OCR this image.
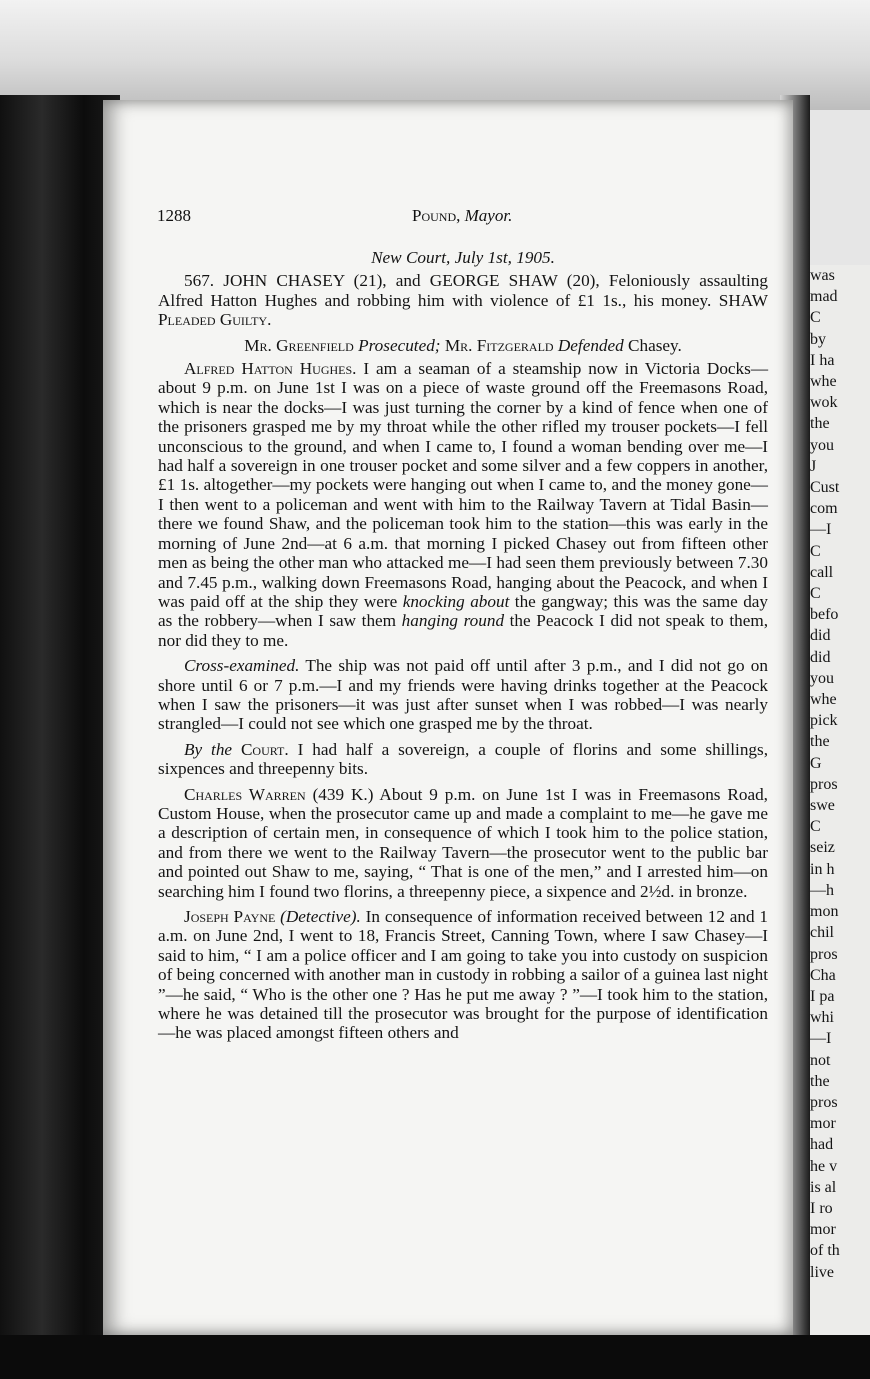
1288	Pound, Mayor.

New Court, July 1st, 1905.

567. JOHN CHASEY (21), and GEORGE SHAW (20), Feloniously assaulting Alfred Hatton Hughes and robbing him with violence of £1 1s., his money. SHAW Pleaded Guilty.

Mr. Greenfield Prosecuted; Mr. Fitzgerald Defended Chasey.

Alfred Hatton Hughes. I am a seaman of a steamship now in Victoria Docks—about 9 p.m. on June 1st I was on a piece of waste ground off the Freemasons Road, which is near the docks—I was just turning the corner by a kind of fence when one of the prisoners grasped me by my throat while the other rifled my trouser pockets—I fell unconscious to the ground, and when I came to, I found a woman bending over me—I had half a sovereign in one trouser pocket and some silver and a few coppers in another, £1 1s. altogether—my pockets were hanging out when I came to, and the money gone—I then went to a policeman and went with him to the Railway Tavern at Tidal Basin—there we found Shaw, and the policeman took him to the station—this was early in the morning of June 2nd—at 6 a.m. that morning I picked Chasey out from fifteen other men as being the other man who attacked me—I had seen them previously between 7.30 and 7.45 p.m., walking down Freemasons Road, hanging about the Peacock, and when I was paid off at the ship they were knocking about the gangway; this was the same day as the robbery—when I saw them hanging round the Peacock I did not speak to them, nor did they to me.

Cross-examined. The ship was not paid off until after 3 p.m., and I did not go on shore until 6 or 7 p.m.—I and my friends were having drinks together at the Peacock when I saw the prisoners—it was just after sunset when I was robbed—I was nearly strangled—I could not see which one grasped me by the throat.

By the Court. I had half a sovereign, a couple of florins and some shillings, sixpences and threepenny bits.

Charles Warren (439 K.) About 9 p.m. on June 1st I was in Freemasons Road, Custom House, when the prosecutor came up and made a complaint to me—he gave me a description of certain men, in consequence of which I took him to the police station, and from there we went to the Railway Tavern—the prosecutor went to the public bar and pointed out Shaw to me, saying, “ That is one of the men,” and I arrested him—on searching him I found two florins, a threepenny piece, a sixpence and 2½d. in bronze.

Joseph Payne (Detective). In consequence of information received between 12 and 1 a.m. on June 2nd, I went to 18, Francis Street, Canning Town, where I saw Chasey—I said to him, “ I am a police officer and I am going to take you into custody on suspicion of being concerned with another man in custody in robbing a sailor of a guinea last night ”—he said, “ Who is the other one ? Has he put me away ? ”—I took him to the station, where he was detained till the prosecutor was brought for the purpose of identification—he was placed amongst fifteen others and

was
mad
C
by
I ha
whe
wok
the
you
J
Cust
com
—I
C
call
C
befo
did
did
you
whe
pick
the
G
pros
swe
C
seiz
in h
—h
mon
chil
pros
Cha
I pa
whi
—I
not
the
pros
mor
had
he v
is al
I ro
mor
of th
live
